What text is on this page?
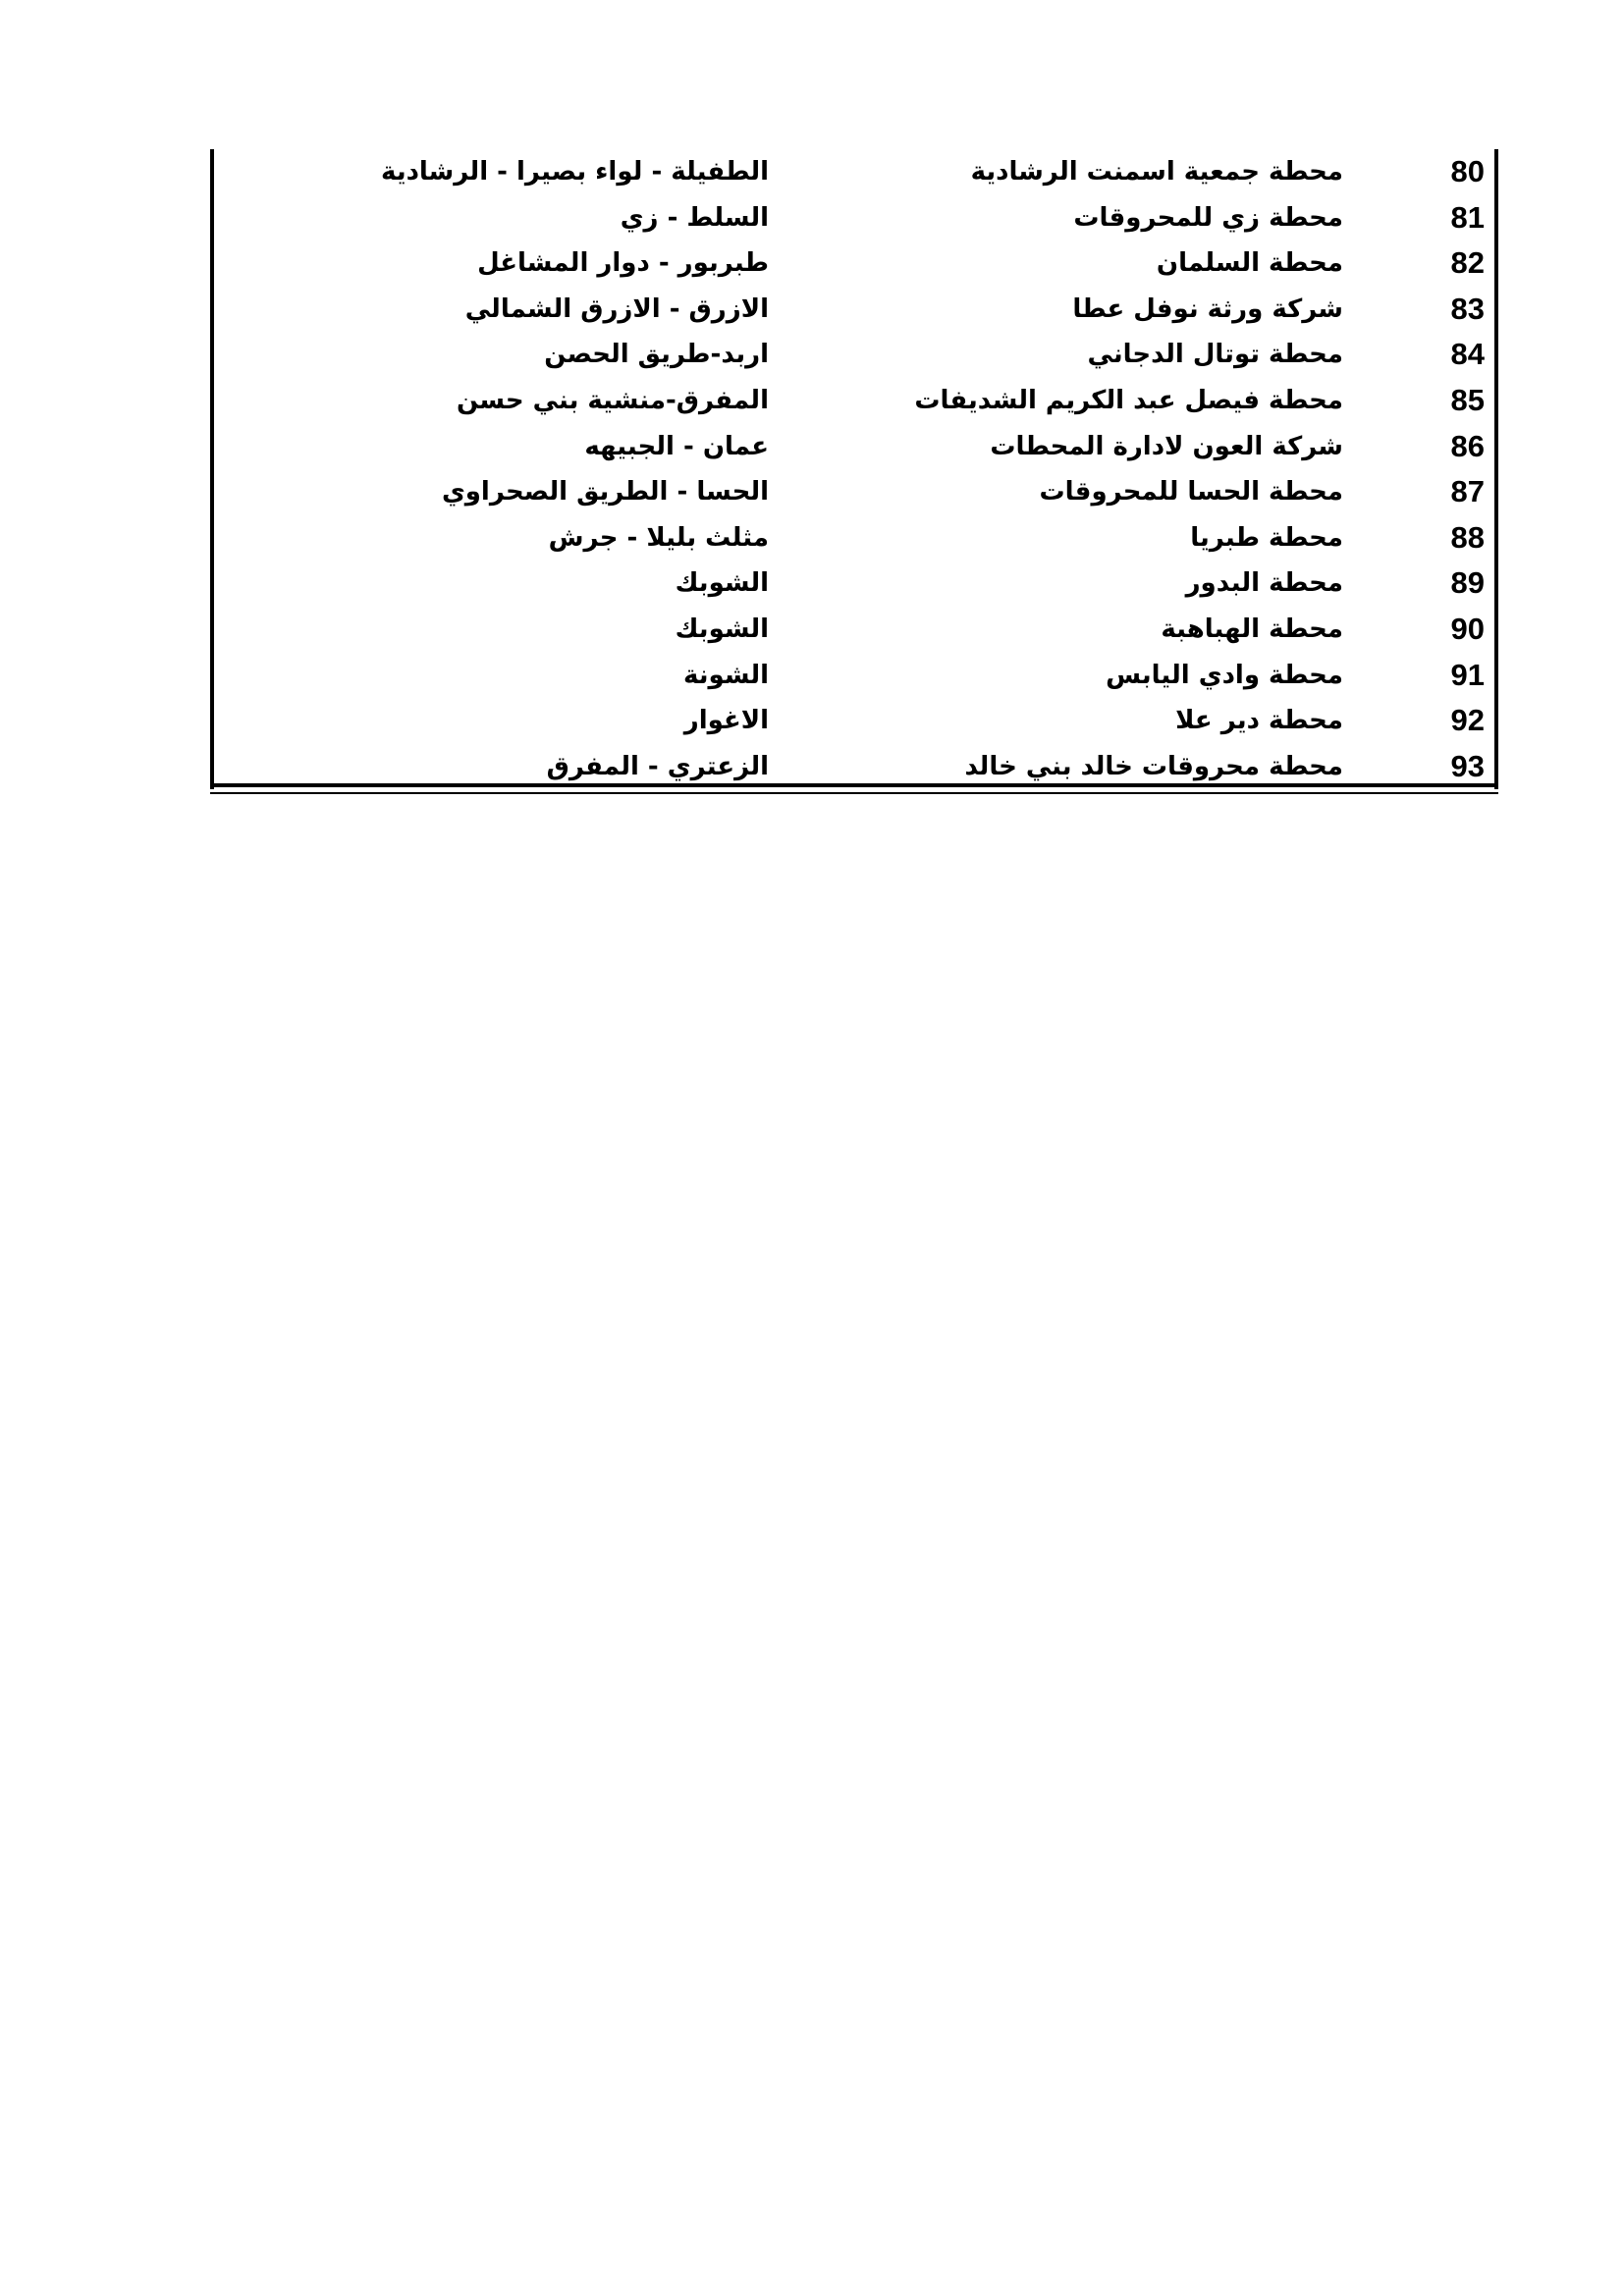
80
محطة جمعية اسمنت الرشادية
الطفيلة - لواء بصيرا - الرشادية
81
محطة زي للمحروقات
السلط - زي
82
محطة السلمان
طبربور - دوار المشاغل
83
شركة ورثة نوفل عطا
الازرق - الازرق الشمالي
84
محطة توتال الدجاني
اربد-طريق الحصن
85
محطة فيصل عبد الكريم الشديفات
المفرق-منشية بني حسن
86
شركة العون لادارة المحطات
عمان - الجبيهه
87
محطة الحسا للمحروقات
الحسا - الطريق الصحراوي
88
محطة طبريا
مثلث بليلا - جرش
89
محطة البدور
الشوبك
90
محطة الهباهبة
الشوبك
91
محطة وادي اليابس
الشونة
92
محطة دير علا
الاغوار
93
محطة محروقات خالد بني خالد
الزعتري - المفرق
